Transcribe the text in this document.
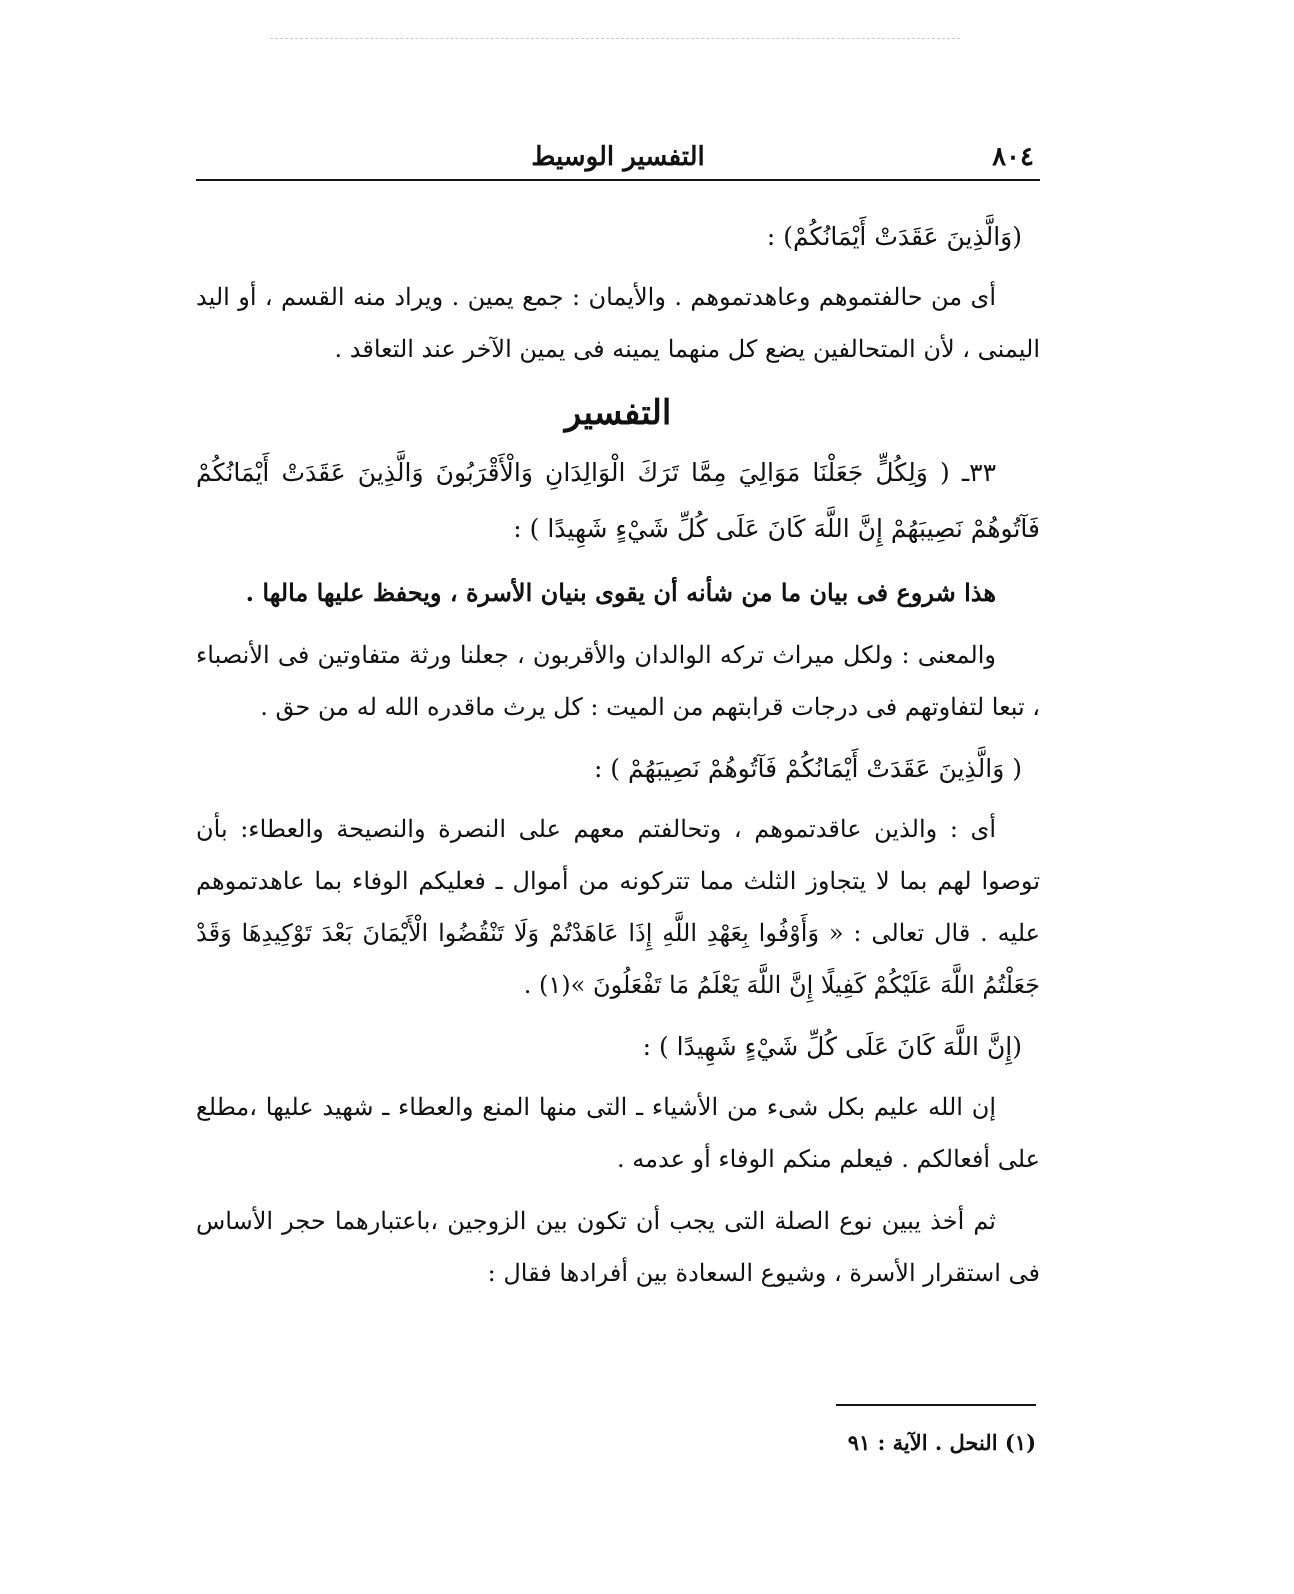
٨٠٤
التفسير الوسيط

(وَالَّذِينَ عَقَدَتْ أَيْمَانُكُمْ) :

أى من حالفتموهم وعاهدتموهم . والأيمان : جمع يمين . ويراد منه القسم ، أو اليد اليمنى ، لأن المتحالفين يضع كل منهما يمينه فى يمين الآخر عند التعاقد .

التفسير

٣٣ـ ( وَلِكُلٍّ جَعَلْنَا مَوَالِيَ مِمَّا تَرَكَ الْوَالِدَانِ وَالْأَقْرَبُونَ وَالَّذِينَ عَقَدَتْ أَيْمَانُكُمْ فَآتُوهُمْ نَصِيبَهُمْ إِنَّ اللَّهَ كَانَ عَلَى كُلِّ شَيْءٍ شَهِيدًا ) :

هذا شروع فى بيان ما من شأنه أن يقوى بنيان الأسرة ، ويحفظ عليها مالها .

والمعنى : ولكل ميراث تركه الوالدان والأقربون ، جعلنا ورثة متفاوتين فى الأنصباء ، تبعا لتفاوتهم فى درجات قرابتهم من الميت : كل يرث ماقدره الله له من حق .

( وَالَّذِينَ عَقَدَتْ أَيْمَانُكُمْ فَآتُوهُمْ نَصِيبَهُمْ ) :

أى : والذين عاقدتموهم ، وتحالفتم معهم على النصرة والنصيحة والعطاء: بأن توصوا لهم بما لا يتجاوز الثلث مما تتركونه من أموال ـ فعليكم الوفاء بما عاهدتموهم عليه . قال تعالى : « وَأَوْفُوا بِعَهْدِ اللَّهِ إِذَا عَاهَدْتُمْ وَلَا تَنْقُضُوا الْأَيْمَانَ بَعْدَ تَوْكِيدِهَا وَقَدْ جَعَلْتُمُ اللَّهَ عَلَيْكُمْ كَفِيلًا إِنَّ اللَّهَ يَعْلَمُ مَا تَفْعَلُونَ »(١) .

(إِنَّ اللَّهَ كَانَ عَلَى كُلِّ شَيْءٍ شَهِيدًا ) :

إن الله عليم بكل شىء من الأشياء ـ التى منها المنع والعطاء ـ شهيد عليها ،مطلع على أفعالكم . فيعلم منكم الوفاء أو عدمه .

ثم أخذ يبين نوع الصلة التى يجب أن تكون بين الزوجين ،باعتبارهما حجر الأساس فى استقرار الأسرة ، وشيوع السعادة بين أفرادها فقال :

(١) النحل . الآية : ٩١
